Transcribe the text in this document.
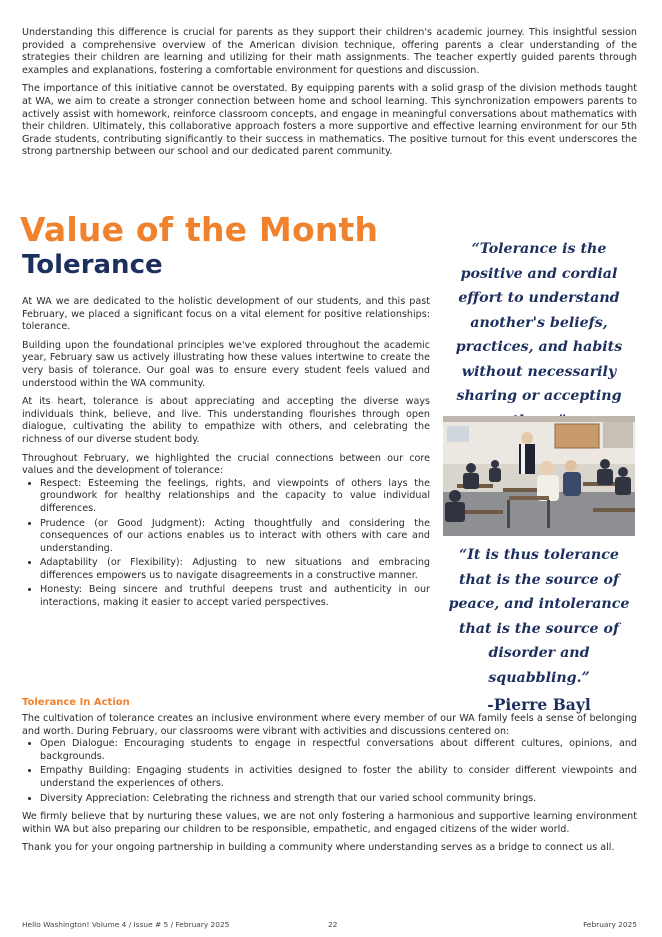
Understanding this difference is crucial for parents as they support their children's academic journey. This insightful session provided a comprehensive overview of the American division technique, offering parents a clear understanding of the strategies their children are learning and utilizing for their math assignments. The teacher expertly guided parents through examples and explanations, fostering a comfortable environment for questions and discussion.

The importance of this initiative cannot be overstated. By equipping parents with a solid grasp of the division methods taught at WA, we aim to create a stronger connection between home and school learning. This synchronization empowers parents to actively assist with homework, reinforce classroom concepts, and engage in meaningful conversations about mathematics with their children. Ultimately, this collaborative approach fosters a more supportive and effective learning environment for our 5th Grade students, contributing significantly to their success in mathematics. The positive turnout for this event underscores the strong partnership between our school and our dedicated parent community.

Value of the Month
Tolerance

At WA we are dedicated to the holistic development of our students, and this past February, we placed a significant focus on a vital element for positive relationships: tolerance.

Building upon the foundational principles we've explored throughout the academic year, February saw us actively illustrating how these values intertwine to create the very basis of tolerance. Our goal was to ensure every student feels valued and understood within the WA community.

At its heart, tolerance is about appreciating and accepting the diverse ways individuals think, believe, and live. This understanding flourishes through open dialogue, cultivating the ability to empathize with others, and celebrating the richness of our diverse student body.

Throughout February, we highlighted the crucial connections between our core values and the development of tolerance:

• Respect: Esteeming the feelings, rights, and viewpoints of others lays the groundwork for healthy relationships and the capacity to value individual differences.
• Prudence (or Good Judgment): Acting thoughtfully and considering the consequences of our actions enables us to interact with others with care and understanding.
• Adaptability (or Flexibility): Adjusting to new situations and embracing differences empowers us to navigate disagreements in a constructive manner.
• Honesty: Being sincere and truthful deepens trust and authenticity in our interactions, making it easier to accept varied perspectives.
“Tolerance is the positive and cordial effort to understand another's beliefs, practices, and habits without necessarily sharing or accepting
“It is thus tolerance that is the source of peace, and intolerance that is the source of disorder and squabbling.”
-Pierre Bayl
Tolerance In Action

The cultivation of tolerance creates an inclusive environment where every member of our WA family feels a sense of belonging and worth. During February, our classrooms were vibrant with activities and discussions centered on:

• Open Dialogue: Encouraging students to engage in respectful conversations about different cultures, opinions, and backgrounds.
• Empathy Building: Engaging students in activities designed to foster the ability to consider different viewpoints and understand the experiences of others.
• Diversity Appreciation: Celebrating the richness and strength that our varied school community brings.

We firmly believe that by nurturing these values, we are not only fostering a harmonious and supportive learning environment within WA but also preparing our children to be responsible, empathetic, and engaged citizens of the wider world.

Thank you for your ongoing partnership in building a community where understanding serves as a bridge to connect us all.

Hello Washington! Volume 4 / Issue # 5 / February 2025	22	February 2025
